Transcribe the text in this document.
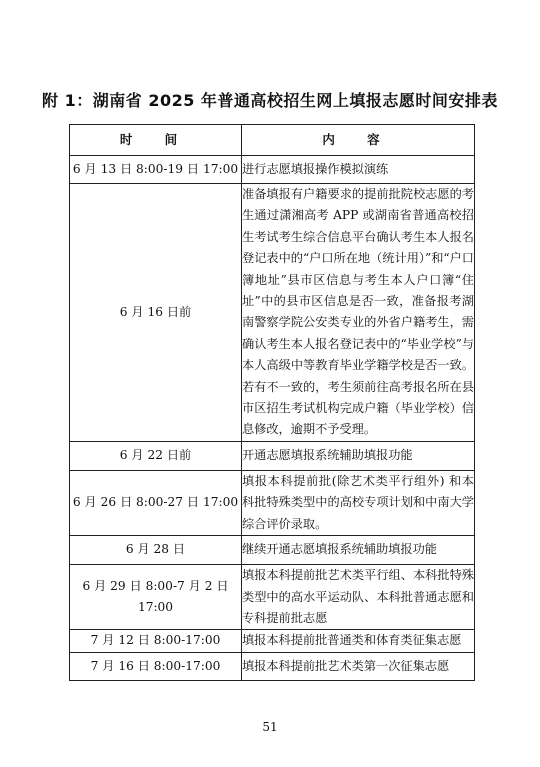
附 1：湖南省 2025 年普通高校招生网上填报志愿时间安排表
时 间	内 容
6 月 13 日 8:00-19 日 17:00	进行志愿填报操作模拟演练
6 月 16 日前	准备填报有户籍要求的提前批院校志愿的考生通过潇湘高考 APP 或湖南省普通高校招生考试考生综合信息平台确认考生本人报名登记表中的“户口所在地（统计用）”和“户口簿地址”县市区信息与考生本人户口簿“住址”中的县市区信息是否一致，准备报考湖南警察学院公安类专业的外省户籍考生，需确认考生本人报名登记表中的“毕业学校”与本人高级中等教育毕业学籍学校是否一致。若有不一致的，考生须前往高考报名所在县市区招生考试机构完成户籍（毕业学校）信息修改，逾期不予受理。
6 月 22 日前	开通志愿填报系统辅助填报功能
6 月 26 日 8:00-27 日 17:00	填报本科提前批(除艺术类平行组外) 和本科批特殊类型中的高校专项计划和中南大学综合评价录取。
6 月 28 日	继续开通志愿填报系统辅助填报功能
6 月 29 日 8:00-7 月 2 日 17:00	填报本科提前批艺术类平行组、本科批特殊类型中的高水平运动队、本科批普通志愿和专科提前批志愿
7 月 12 日 8:00-17:00	填报本科提前批普通类和体育类征集志愿
7 月 16 日 8:00-17:00	填报本科提前批艺术类第一次征集志愿
51
